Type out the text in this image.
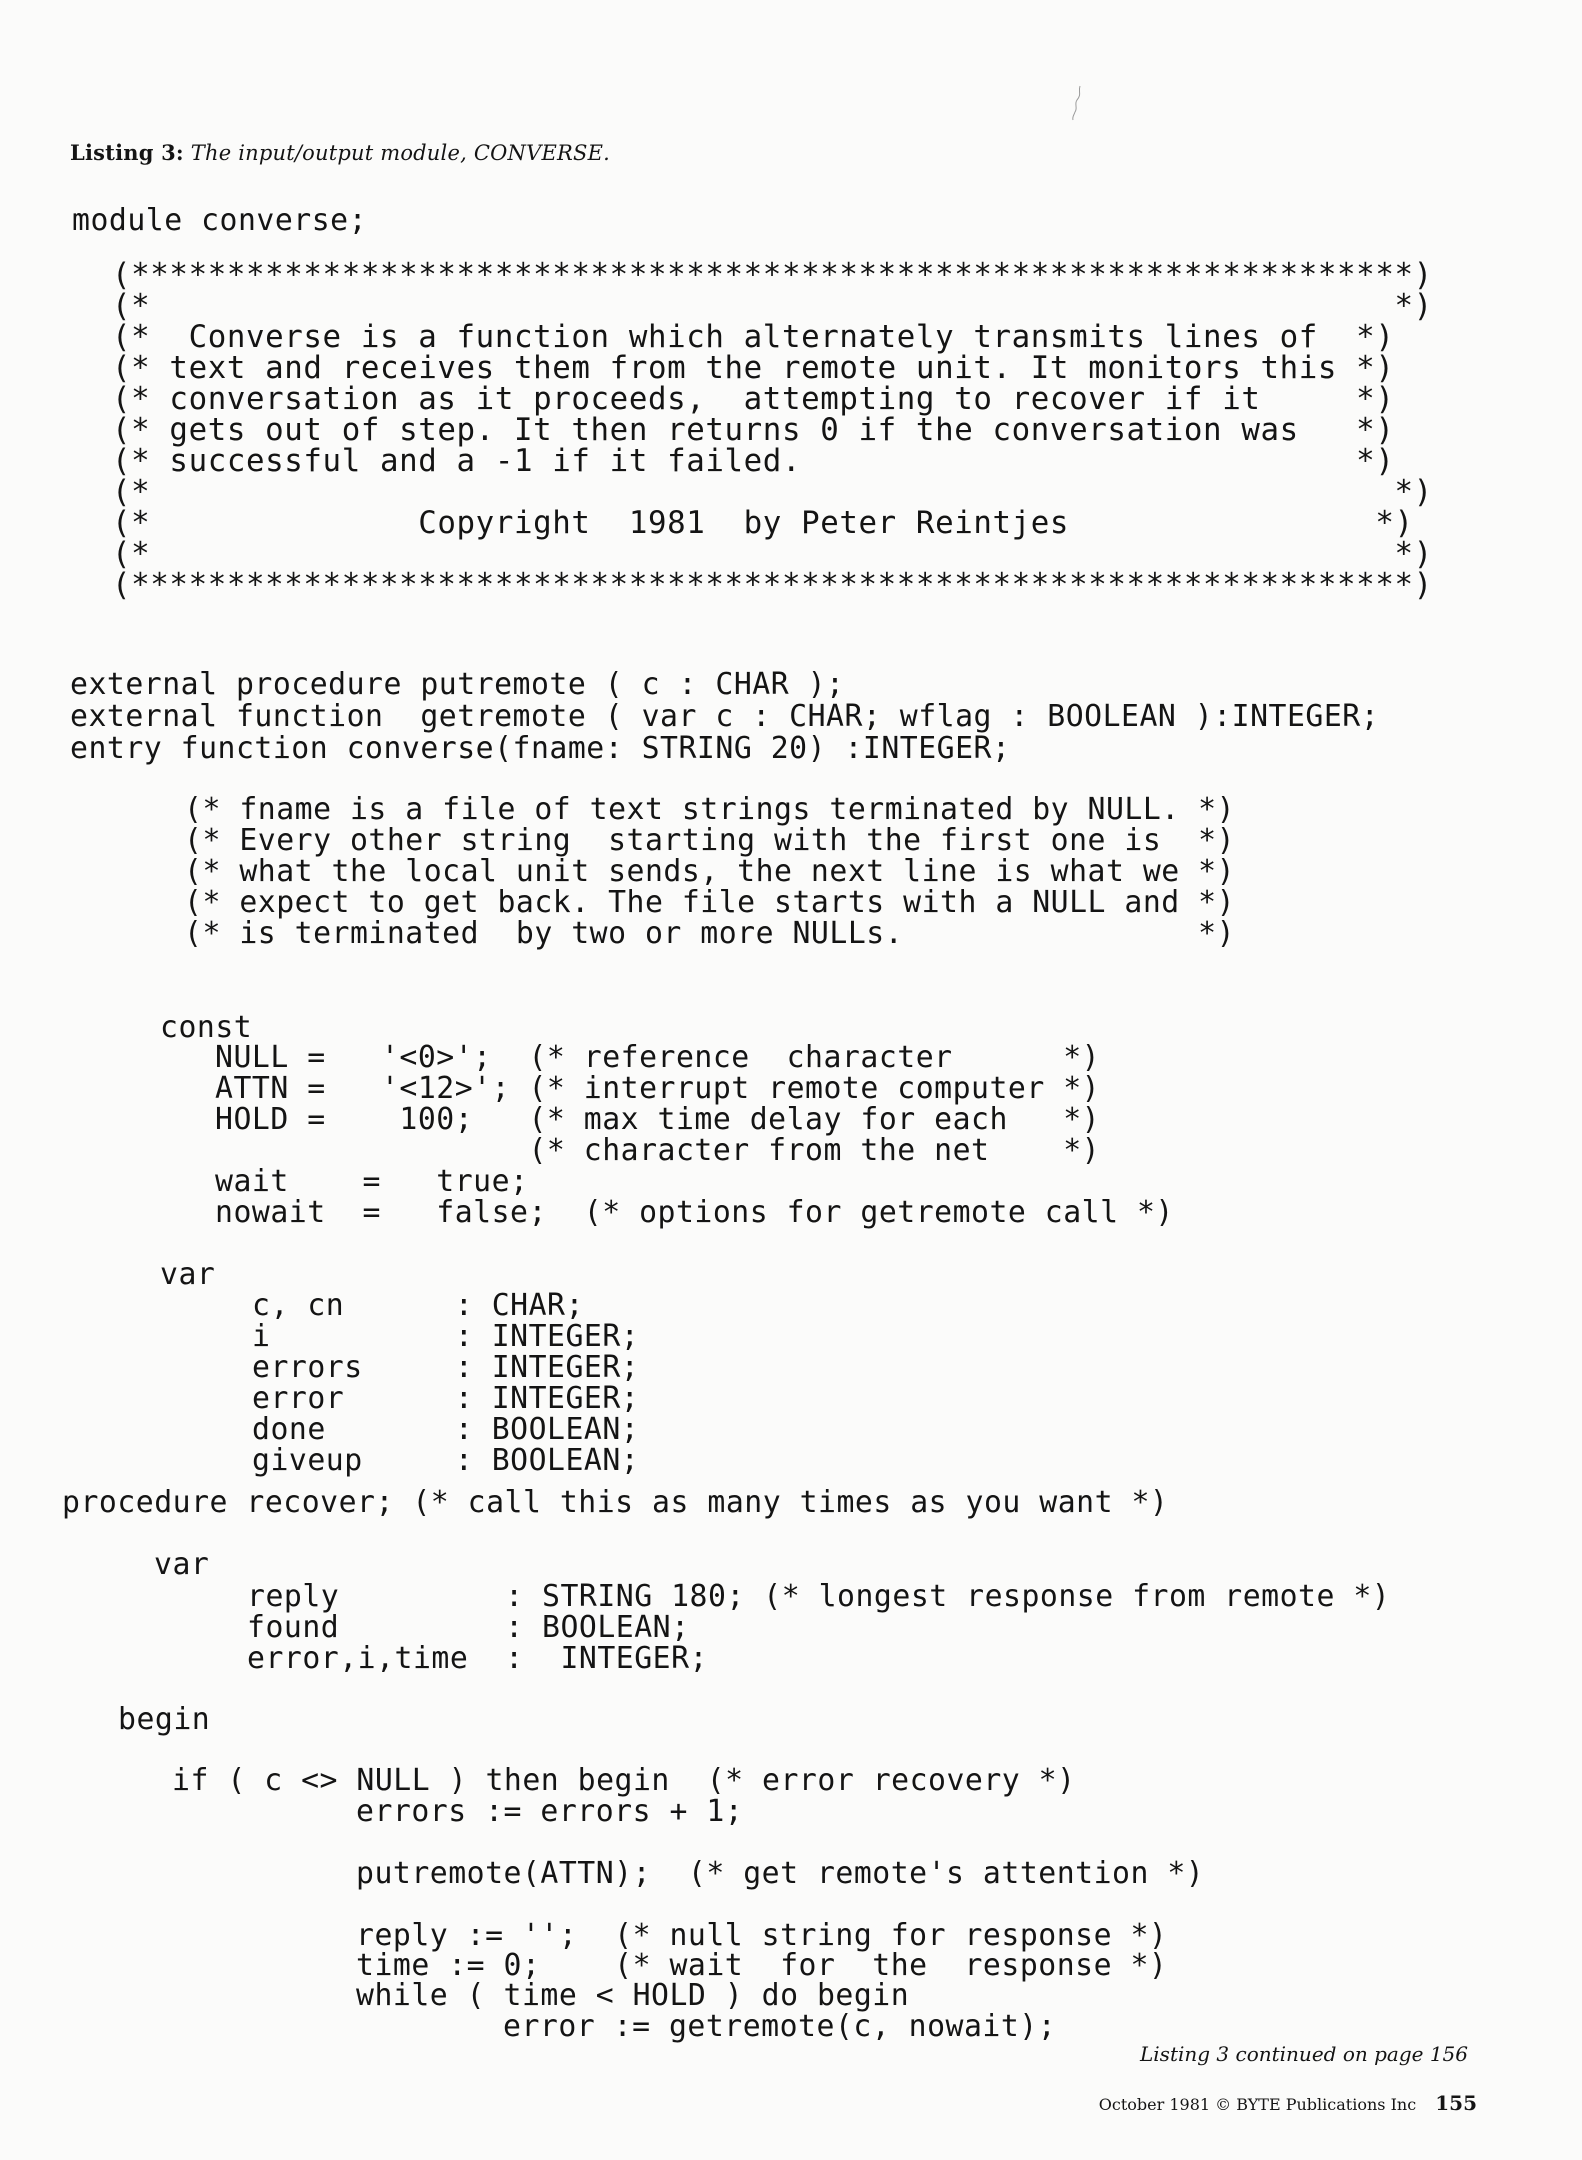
Listing 3: The input/output module, CONVERSE.
module converse;
(*******************************************************************)
(*                                                                 *)
(*  Converse is a function which alternately transmits lines of  *)
(* text and receives them from the remote unit. It monitors this *)
(* conversation as it proceeds,  attempting to recover if it     *)
(* gets out of step. It then returns 0 if the conversation was   *)
(* successful and a -1 if it failed.                             *)
(*                                                                 *)
(*              Copyright  1981  by Peter Reintjes                *)
(*                                                                 *)
(*******************************************************************)
external procedure putremote ( c : CHAR );
external function  getremote ( var c : CHAR; wflag : BOOLEAN ):INTEGER;
entry function converse(fname: STRING 20) :INTEGER;
(* fname is a file of text strings terminated by NULL. *)
(* Every other string  starting with the first one is  *)
(* what the local unit sends, the next line is what we *)
(* expect to get back. The file starts with a NULL and *)
(* is terminated  by two or more NULLs.                *)
const
NULL =   '<0>';  (* reference  character      *)
ATTN =   '<12>'; (* interrupt remote computer *)
HOLD =    100;   (* max time delay for each   *)
(* character from the net    *)
wait    =   true;
nowait  =   false;  (* options for getremote call *)
var
c, cn      : CHAR;
i          : INTEGER;
errors     : INTEGER;
error      : INTEGER;
done       : BOOLEAN;
giveup     : BOOLEAN;
procedure recover; (* call this as many times as you want *)
var
reply         : STRING 180; (* longest response from remote *)
found         : BOOLEAN;
error,i,time  :  INTEGER;
begin
if ( c <> NULL ) then begin  (* error recovery *)
errors := errors + 1;
putremote(ATTN);  (* get remote's attention *)
reply := '';  (* null string for response *)
time := 0;    (* wait  for  the  response *)
while ( time < HOLD ) do begin
error := getremote(c, nowait);
Listing 3 continued on page 156
October 1981 © BYTE Publications Inc 155
